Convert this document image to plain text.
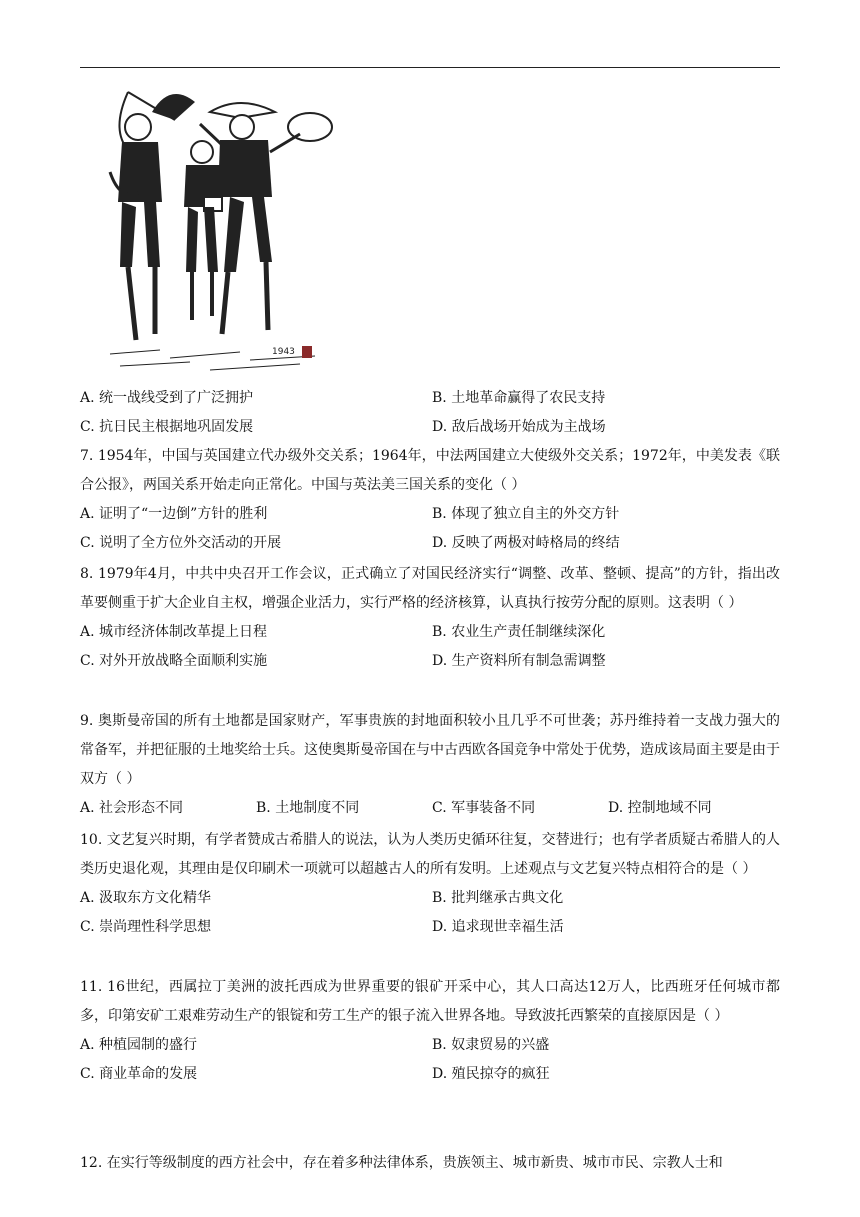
1943
A. 统一战线受到了广泛拥护	B. 土地革命赢得了农民支持
C. 抗日民主根据地巩固发展	D. 敌后战场开始成为主战场

7. 1954年，中国与英国建立代办级外交关系；1964年，中法两国建立大使级外交关系；1972年，中美发表《联合公报》，两国关系开始走向正常化。中国与英法美三国关系的变化（ ）

A. 证明了“一边倒”方针的胜利	B. 体现了独立自主的外交方针
C. 说明了全方位外交活动的开展	D. 反映了两极对峙格局的终结

8. 1979年4月，中共中央召开工作会议，正式确立了对国民经济实行“调整、改革、整顿、提高”的方针，指出改革要侧重于扩大企业自主权，增强企业活力，实行严格的经济核算，认真执行按劳分配的原则。这表明（ ）

A. 城市经济体制改革提上日程	B. 农业生产责任制继续深化
C. 对外开放战略全面顺利实施	D. 生产资料所有制急需调整

9. 奥斯曼帝国的所有土地都是国家财产，军事贵族的封地面积较小且几乎不可世袭；苏丹维持着一支战力强大的常备军，并把征服的土地奖给士兵。这使奥斯曼帝国在与中古西欧各国竞争中常处于优势，造成该局面主要是由于双方（ ）

A. 社会形态不同	B. 土地制度不同	C. 军事装备不同	D. 控制地域不同

10. 文艺复兴时期，有学者赞成古希腊人的说法，认为人类历史循环往复，交替进行；也有学者质疑古希腊人的人类历史退化观，其理由是仅印刷术一项就可以超越古人的所有发明。上述观点与文艺复兴特点相符合的是（ ）

A. 汲取东方文化精华	B. 批判继承古典文化
C. 崇尚理性科学思想	D. 追求现世幸福生活

11. 16世纪，西属拉丁美洲的波托西成为世界重要的银矿开采中心，其人口高达12万人，比西班牙任何城市都多，印第安矿工艰难劳动生产的银锭和劳工生产的银子流入世界各地。导致波托西繁荣的直接原因是（ ）

A. 种植园制的盛行	B. 奴隶贸易的兴盛
C. 商业革命的发展	D. 殖民掠夺的疯狂

12. 在实行等级制度的西方社会中，存在着多种法律体系，贵族领主、城市新贵、城市市民、宗教人士和
